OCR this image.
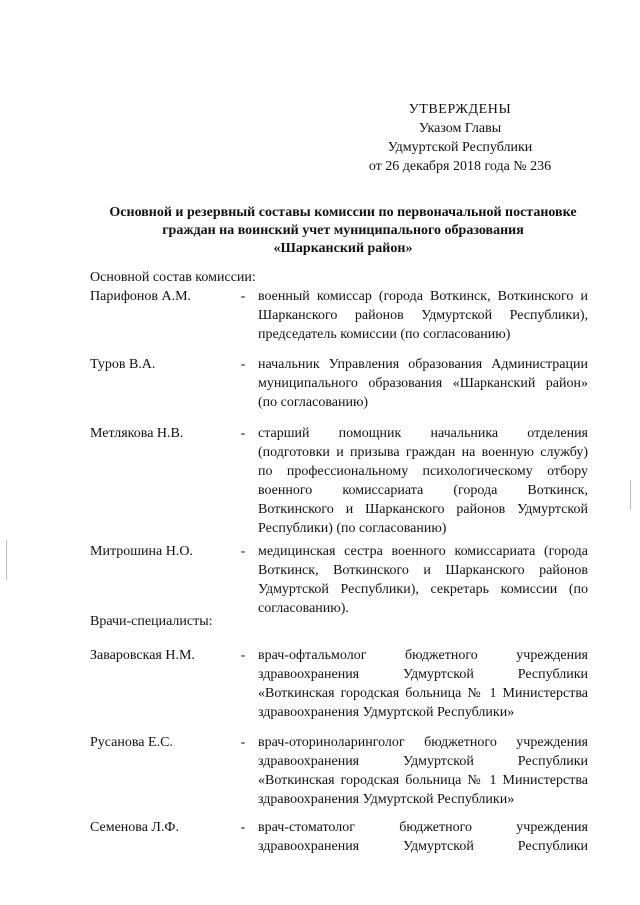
УТВЕРЖДЕНЫ
Указом Главы
Удмуртской Республики
от 26 декабря 2018 года № 236
Основной и резервный составы комиссии по первоначальной постановке
граждан на воинский учет муниципального образования
«Шарканский район»
Основной состав комиссии:
Парифонов А.М.	- военный комиссар (города Воткинск, Воткинского и
Шарканского районов Удмуртской Республики),
председатель комиссии (по согласованию)
Туров В.А.	- начальник Управления образования Администрации
муниципального образования «Шарканский район»
(по согласованию)
Метлякова Н.В.	- старший помощник начальника отделения
(подготовки и призыва граждан на военную службу)
по профессиональному психологическому отбору
военного комиссариата (города Воткинск,
Воткинского и Шарканского районов Удмуртской
Республики) (по согласованию)
Митрошина Н.О.	- медицинская сестра военного комиссариата (города
Воткинск, Воткинского и Шарканского районов
Удмуртской Республики), секретарь комиссии (по
согласованию).
Врачи-специалисты:
Заваровская Н.М.	- врач-офтальмолог бюджетного учреждения
здравоохранения Удмуртской Республики
«Воткинская городская больница № 1 Министерства
здравоохранения Удмуртской Республики»
Русанова Е.С.	- врач-оториноларинголог бюджетного учреждения
здравоохранения Удмуртской Республики
«Воткинская городская больница № 1 Министерства
здравоохранения Удмуртской Республики»
Семенова Л.Ф.	- врач-стоматолог бюджетного учреждения
здравоохранения Удмуртской Республики
